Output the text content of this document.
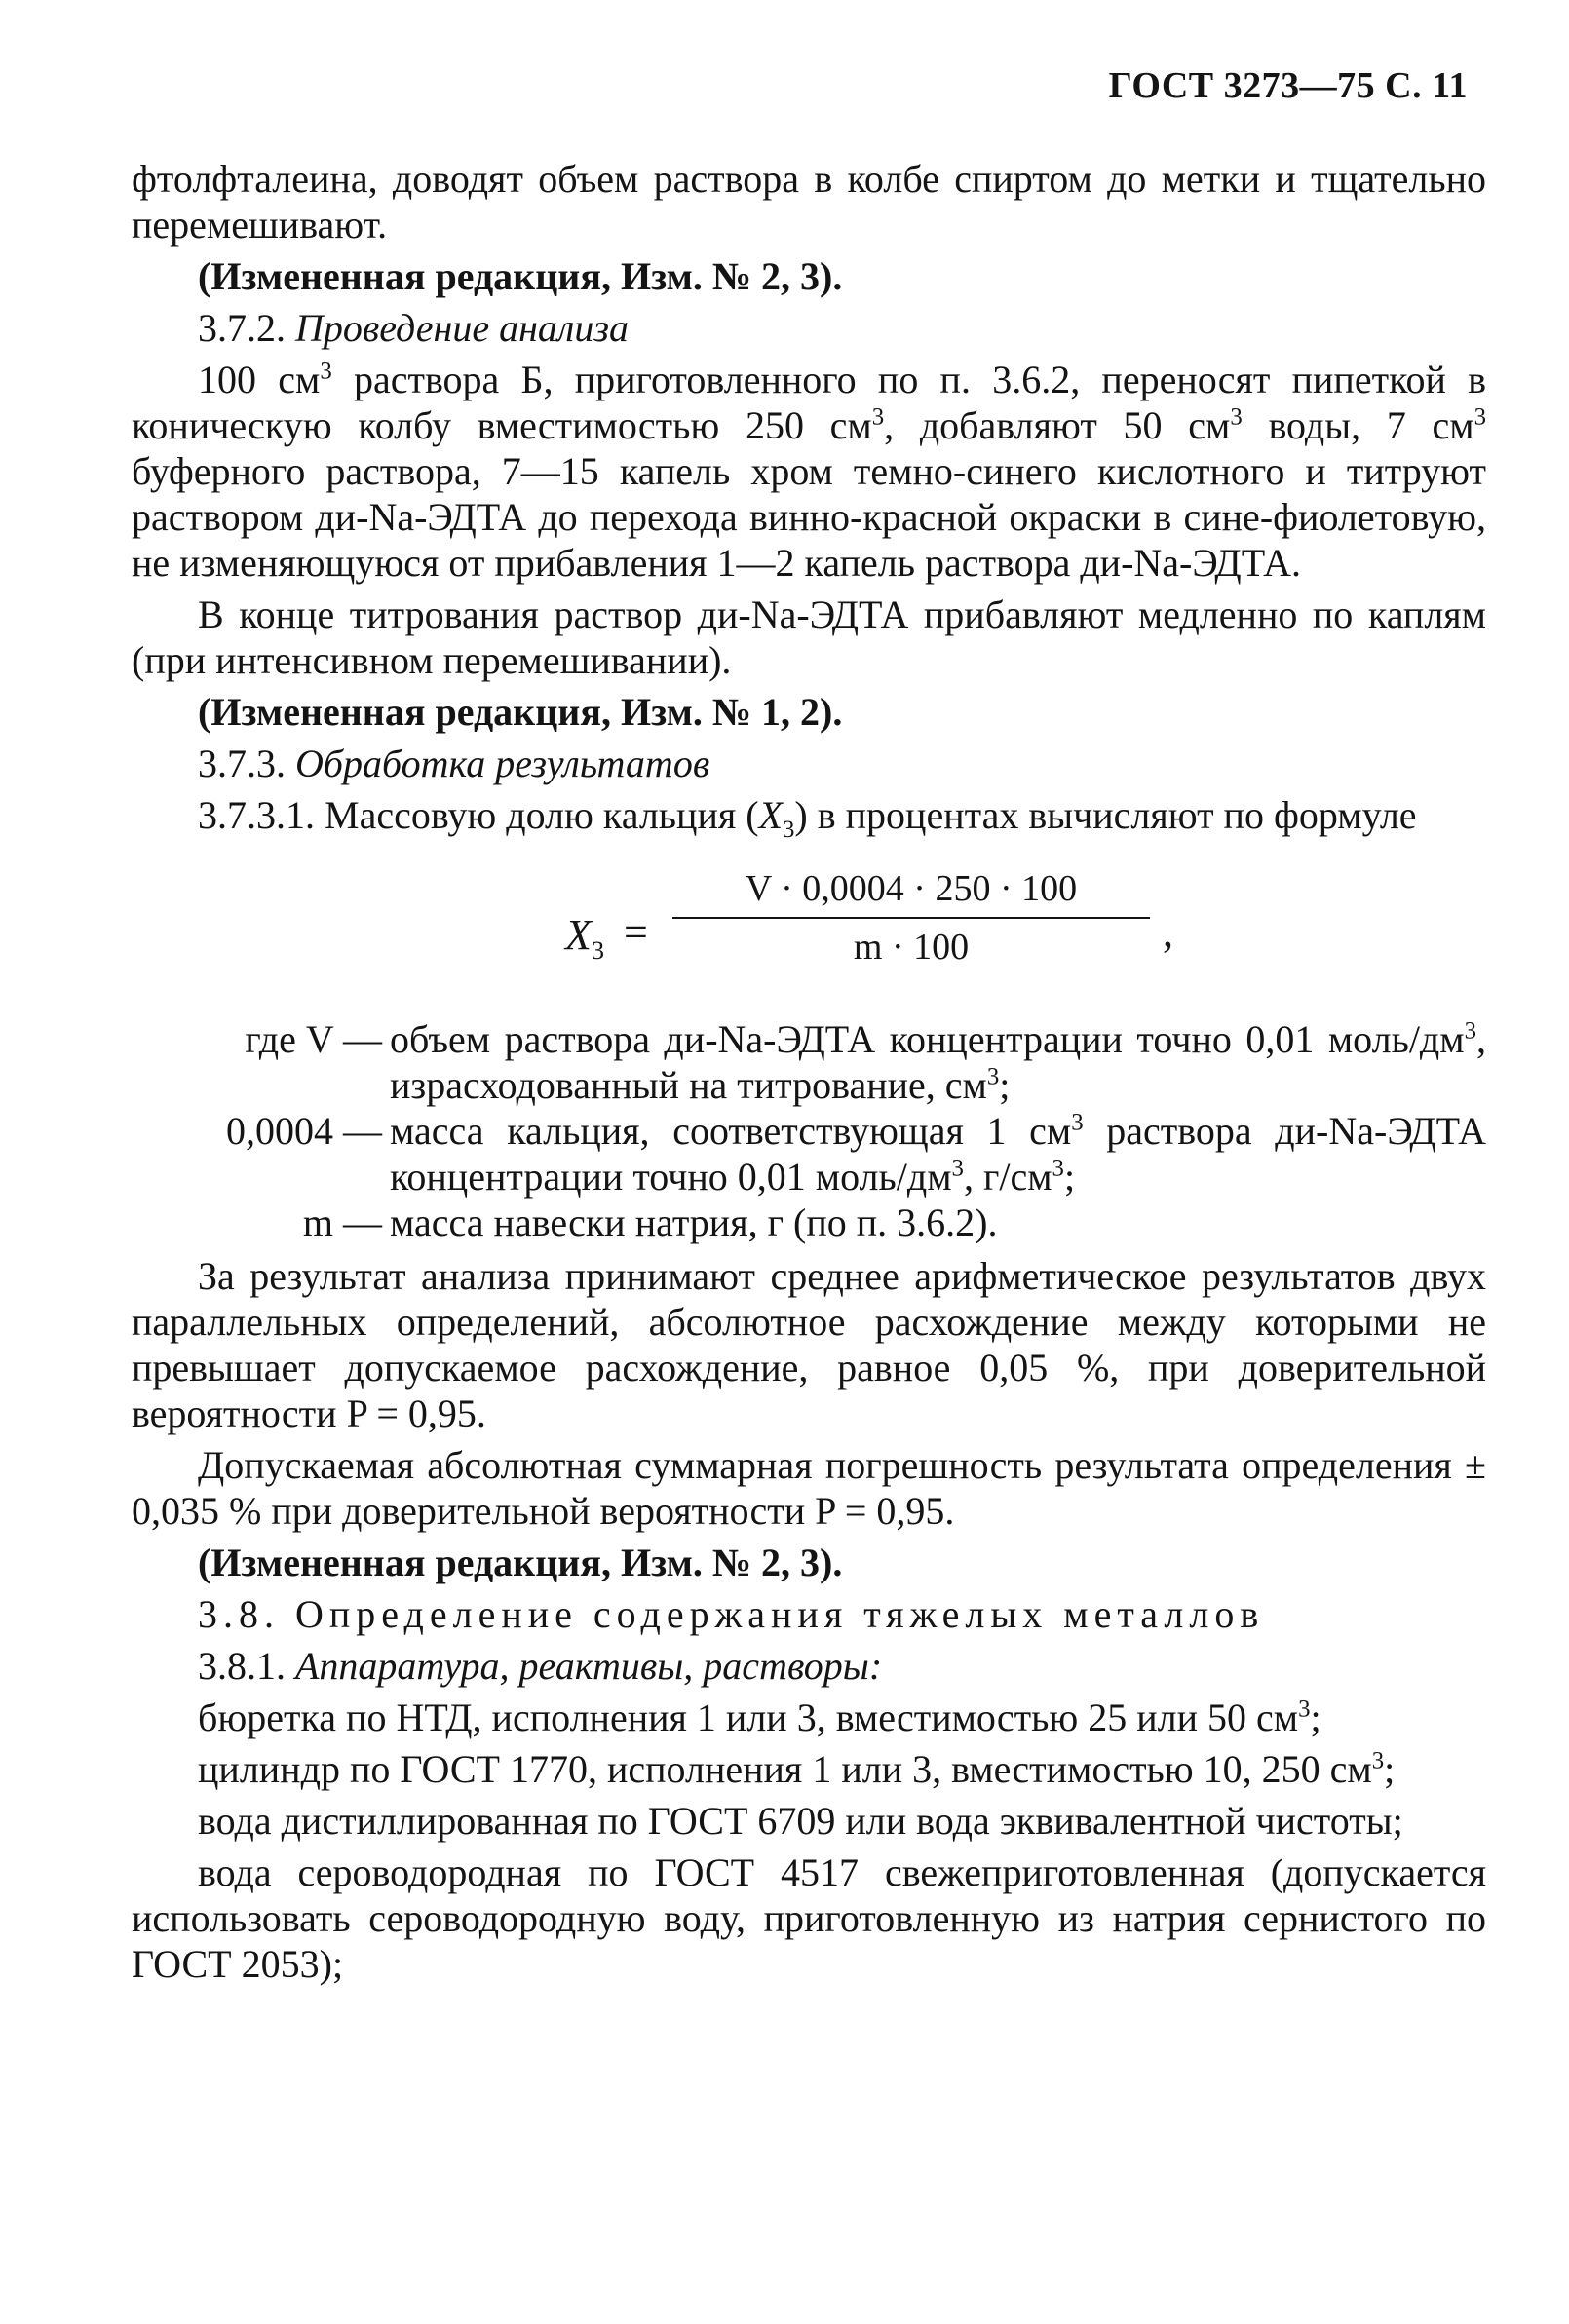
ГОСТ 3273—75 С. 11

фтолфталеина, доводят объем раствора в колбе спиртом до метки и тщательно перемешивают.

(Измененная редакция, Изм. № 2, 3).

3.7.2. Проведение анализа

100 $см^3$ раствора Б, приготовленного по п. 3.6.2, переносят пипеткой в коническую колбу вместимостью 250 $см^3$, добавляют 50 $см^3$ воды, 7 $см^3$ буферного раствора, 7—15 капель хром темно-синего кислотного и титруют раствором ди-Na-ЭДТА до перехода винно-красной окраски в сине-фиолетовую, не изменяющуюся от прибавления 1—2 капель раствора ди-Na-ЭДТА.

В конце титрования раствор ди-Na-ЭДТА прибавляют медленно по каплям (при интенсивном перемешивании).

(Измененная редакция, Изм. № 1, 2).

3.7.3. Обработка результатов

3.7.3.1. Массовую долю кальция $(X_3)$ в процентах вычисляют по формуле

$X_3$ =
V · 0,0004 · 250 · 100
m · 100	,
где V — объем раствора ди-Na-ЭДТА концентрации точно 0,01 моль/$дм^3$, израсходованный на титрование, $см^3$;
0,0004 — масса кальция, соответствующая 1 $см^3$ раствора ди-Na-ЭДТА концентрации точно 0,01 моль/$дм^3$, $г/см^3$;
m — масса навески натрия, г (по п. 3.6.2).

За результат анализа принимают среднее арифметическое результатов двух параллельных определений, абсолютное расхождение между которыми не превышает допускаемое расхождение, равное 0,05 %, при доверительной вероятности P = 0,95.

Допускаемая абсолютная суммарная погрешность результата определения ± 0,035 % при доверительной вероятности P = 0,95.

(Измененная редакция, Изм. № 2, 3).

3.8. Определение содержания тяжелых металлов

3.8.1. Аппаратура, реактивы, растворы:

бюретка по НТД, исполнения 1 или 3, вместимостью 25 или 50 $см^3$;

цилиндр по ГОСТ 1770, исполнения 1 или 3, вместимостью 10, 250 $см^3$;

вода дистиллированная по ГОСТ 6709 или вода эквивалентной чистоты;

вода сероводородная по ГОСТ 4517 свежеприготовленная (допускается использовать сероводородную воду, приготовленную из натрия сернистого по ГОСТ 2053);
